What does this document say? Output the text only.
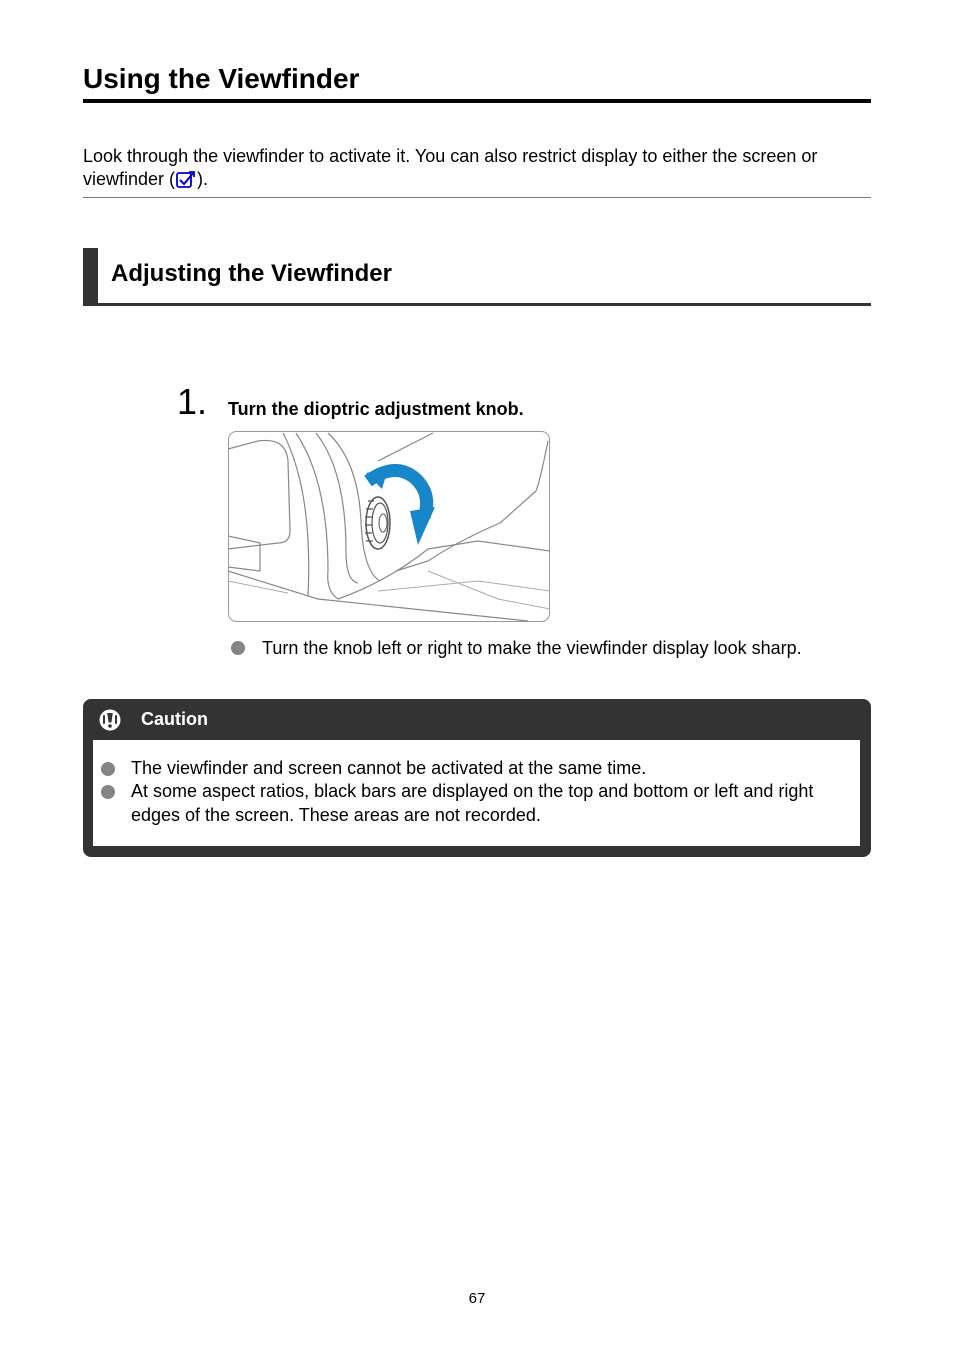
Using the Viewfinder
Look through the viewfinder to activate it. You can also restrict display to either the screen or viewfinder ( ).
Adjusting the Viewfinder
1. Turn the dioptric adjustment knob.
Turn the knob left or right to make the viewfinder display look sharp.
Caution
The viewfinder and screen cannot be activated at the same time.
At some aspect ratios, black bars are displayed on the top and bottom or left and right edges of the screen. These areas are not recorded.
67
